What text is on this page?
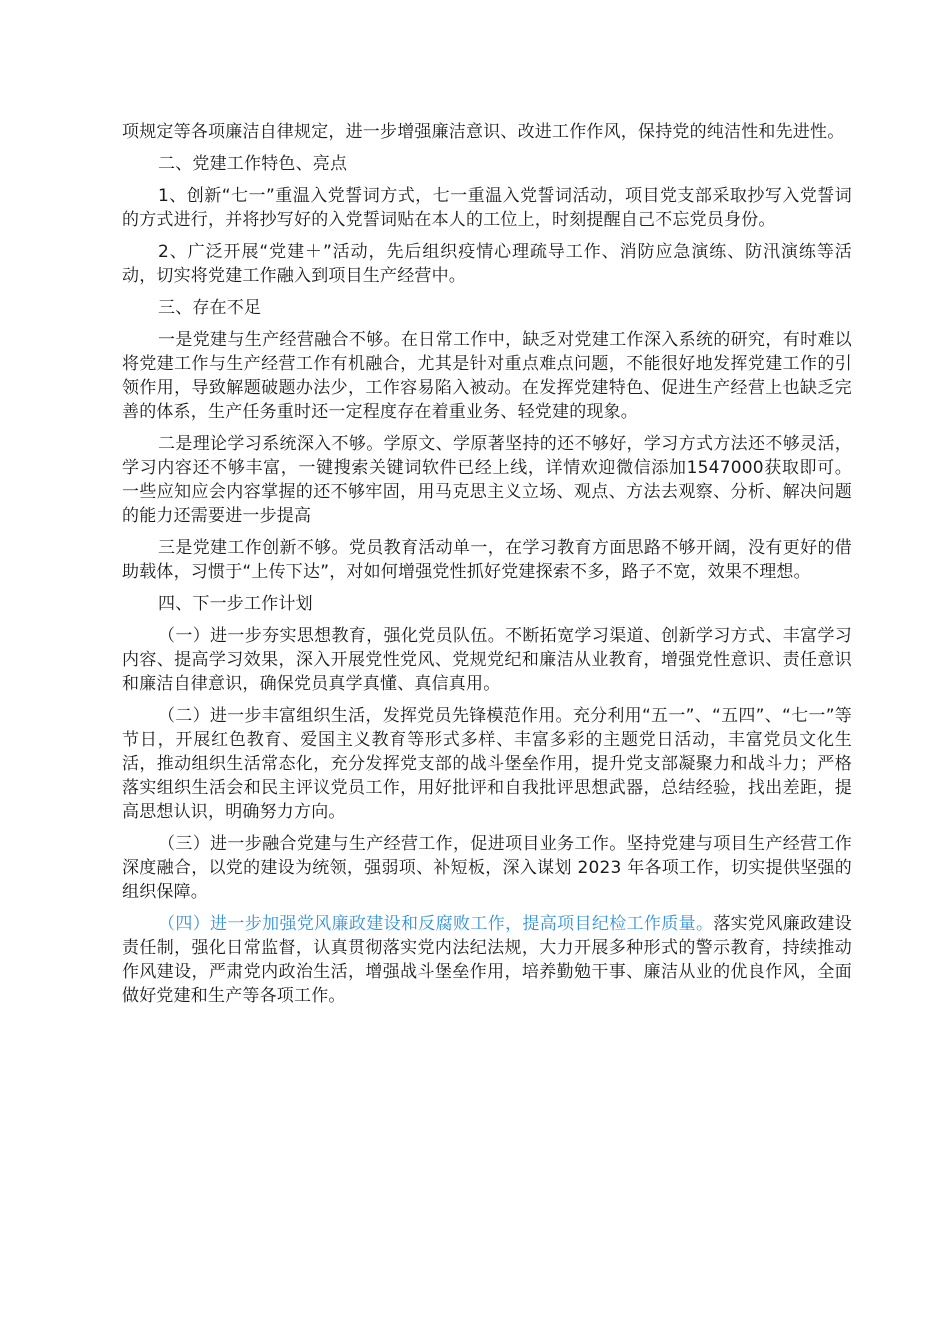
项规定等各项廉洁自律规定，进一步增强廉洁意识、改进工作作风，保持党的纯洁性和先进性。

二、党建工作特色、亮点

1、创新“七一”重温入党誓词方式，七一重温入党誓词活动，项目党支部采取抄写入党誓词的方式进行，并将抄写好的入党誓词贴在本人的工位上，时刻提醒自己不忘党员身份。

2、广泛开展“党建＋”活动，先后组织疫情心理疏导工作、消防应急演练、防汛演练等活动，切实将党建工作融入到项目生产经营中。

三、存在不足

一是党建与生产经营融合不够。在日常工作中，缺乏对党建工作深入系统的研究，有时难以将党建工作与生产经营工作有机融合，尤其是针对重点难点问题，不能很好地发挥党建工作的引领作用，导致解题破题办法少，工作容易陷入被动。在发挥党建特色、促进生产经营上也缺乏完善的体系，生产任务重时还一定程度存在着重业务、轻党建的现象。

二是理论学习系统深入不够。学原文、学原著坚持的还不够好，学习方式方法还不够灵活，学习内容还不够丰富，一键搜索关键词软件已经上线，详情欢迎微信添加1547000获取即可。一些应知应会内容掌握的还不够牢固，用马克思主义立场、观点、方法去观察、分析、解决问题的能力还需要进一步提高

三是党建工作创新不够。党员教育活动单一，在学习教育方面思路不够开阔，没有更好的借助载体，习惯于“上传下达”，对如何增强党性抓好党建探索不多，路子不宽，效果不理想。

四、下一步工作计划

（一）进一步夯实思想教育，强化党员队伍。不断拓宽学习渠道、创新学习方式、丰富学习内容、提高学习效果，深入开展党性党风、党规党纪和廉洁从业教育，增强党性意识、责任意识和廉洁自律意识，确保党员真学真懂、真信真用。

（二）进一步丰富组织生活，发挥党员先锋模范作用。充分利用“五一”、“五四”、“七一”等节日，开展红色教育、爱国主义教育等形式多样、丰富多彩的主题党日活动，丰富党员文化生活，推动组织生活常态化，充分发挥党支部的战斗堡垒作用，提升党支部凝聚力和战斗力；严格落实组织生活会和民主评议党员工作，用好批评和自我批评思想武器，总结经验，找出差距，提高思想认识，明确努力方向。

（三）进一步融合党建与生产经营工作，促进项目业务工作。坚持党建与项目生产经营工作深度融合，以党的建设为统领，强弱项、补短板，深入谋划 2023 年各项工作，切实提供坚强的组织保障。

（四）进一步加强党风廉政建设和反腐败工作，提高项目纪检工作质量。落实党风廉政建设责任制，强化日常监督，认真贯彻落实党内法纪法规，大力开展多种形式的警示教育，持续推动作风建设，严肃党内政治生活，增强战斗堡垒作用，培养勤勉干事、廉洁从业的优良作风，全面做好党建和生产等各项工作。
